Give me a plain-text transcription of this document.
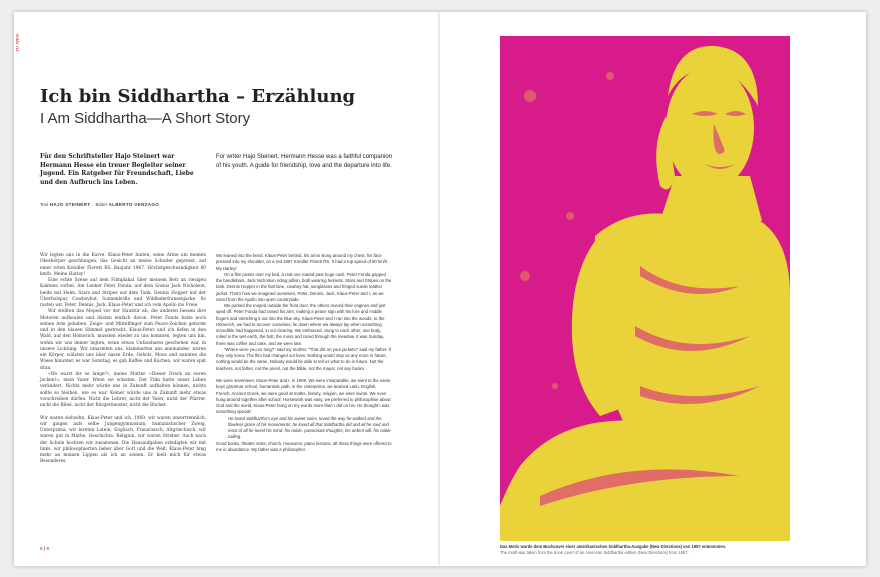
ZU WEG
Ich bin Siddhartha – Erzählung
I Am Siddhartha—A Short Story
Für den Schriftsteller Hajo Steinert war Hermann Hesse ein treuer Begleiter seiner Jugend. Ein Ratgeber für Freundschaft, Liebe und den Aufbruch ins Leben.
For writer Hajo Steinert, Hermann Hesse was a faithful companion of his youth. A guide for friendship, love and the departure into life.
Text HAJO STEINERT Bilder ALBERTO VENZAGO

Wir legten uns in die Kurve. Klaus-Peter hinten, seine Arme um meinen Oberkörper geschlungen, das Gesicht an meine Schulter gepresst, auf einer roten Kreidler Florett RS, Baujahr 1967. Höchstgeschwindigkeit 80 km/h. Meine Harley!

Eine echte Szene auf dem Filmplakat über meinem Bett an riesigen Kakteen vorbei. Am Lenker Peter Fonda, auf dem Sozius Jack Nicholson, beide mit Helm. Stars and Stripes auf dem Tank. Dennis Hopper auf der Überholspur, Cowboyhut, Sonnenbrille und Wildlederfransenjacke. So rasten wir, Peter, Dennis, Jack, Klaus-Peter und ich vom Apollo ins Freie.

Wir stellten das Moped vor der Haustür ab, die anderen liessen ihre Motoren aufheulen und düsten einfach davon. Peter Fonda hatte noch seinen Arm gehoben, Zeige- und Mittelfinger zum Peace-Zeichen geformt und in den blauen Himmel gestreckt. Klaus-Peter und ich liefen in den Wald, auf den Hömerich, mussten wieder zu uns kommen, legten uns hin, wohin wir uns immer legten, wenn etwas Unfassbares geschehen war, in unsere Lichtung. Wir umarmten uns, klammerten uns aneinander, waren ein Körper, wälzten uns über nasse Erde, Geholz, Moos und nannten die Wiese hinunter, es war Sonntag, es gab Kaffee und Kuchen, wir waren spät dran.

«Wo warst ihr so lange?», meine Mutter. «Dieser Dreck an euren Jacken!», mein Vater. Wenn sie wüssten. Der Film hatte unser Leben verändert. Nichts mehr würde uns in Zukunft aufhalten können, nichts sollte so bleiben, wie es war. Keiner würde uns in Zukunft mehr etwas vorschreiben dürfen. Nicht die Lehrer, nicht der Vater, nicht der Pfarrer, nicht die Bibel, nicht der Bürgermeister, nicht die Bücher.

Wir waren siebzehn, Klaus-Peter und ich, 1969, wir waren unzertrennlich, wir gingen aufs selbe Jungengymnasium, humanistischer Zweig, Unterprima, wir lernten Latein, Englisch, Französisch, Altgriechisch, wir waren gut in Mathe, Geschichte, Religion, wir waren Streber. Auch nach der Schule hockten wir zusammen. Die Hausaufgaben erledigten wir mit links, wir philosophierten lieber über Gott und die Welt, Klaus-Peter hing mehr an meinen Lippen als ich an seinen. Er hielt mich für etwas Besonderes.

We leaned into the bend. Klaus-Peter behind, his arms slung around my chest, his face pressed into my shoulder, on a red 1967 Kreidler Florett RS. It had a top speed of 80 km/h. My Harley!

On a film poster over my bed, a real one roared past huge cacti. Peter Fonda gripped the handlebars, Jack Nicholson riding pillion, both wearing helmets. Stars and Stripes on the tank. Dennis Hopper in the fast lane, cowboy hat, sunglasses and fringed suede leather jacket. That's how we imagined ourselves, Peter, Dennis, Jack, Klaus-Peter and I, as we raced from the Apollo into open countryside.

We parked the moped outside the front door, the others revved their engines and just sped off. Peter Fonda had raised his arm, making a peace sign with his fore and middle fingers and stretching it out into the blue sky. Klaus-Peter and I ran into the woods, to the Hömerich, we had to recover ourselves, lie down where we always lay when something incredible had happened, in our clearing. We embraced, clung to each other, one body, rolled in the wet earth, the bolt, the moss and raced through the meadow. It was Sunday, there was coffee and cake, and we were late.

“Where were you so long?” said my mother. “That dirt on your jackets!” said my father. If they only knew. The film had changed our lives. Nothing would stop us any more in future, nothing would be the same. Nobody would be able to tell us what to do in future. Not the teachers, not father, not the priest, not the Bible, not the mayor, not any books.

We were seventeen, Klaus-Peter and I, in 1969. We were inseparable, we went to the same boys grammar school, humanistic path, in the Unterprima, we learned Latin, English, French, Ancient Greek, we were good at maths, history, religion, we were swots. We even hung around together after school. Homework was easy, we preferred to philosophise about God and the world, Klaus-Peter hung on my words more than I did on his. He thought I was something special:

He loved Siddhartha's eye and his sweet voice, loved the way he walked and the flawless grace of his movements; he loved all that Siddhartha did and all he said and most of all he loved his mind, his noble, passionate thoughts, his ardent will, his noble calling.

Good books, theatre visits, church, museums, piano lessons, all these things were offered to me in abundance. My father was a philosopher.

8 | 9	Das Motiv wurde dem Buchcover einer amerikanischen Siddhartha-Ausgabe (New Directions) von 1957 entnommen.
The motif was taken from the book cover of an American Siddhartha edition (New Directions) from 1957.
